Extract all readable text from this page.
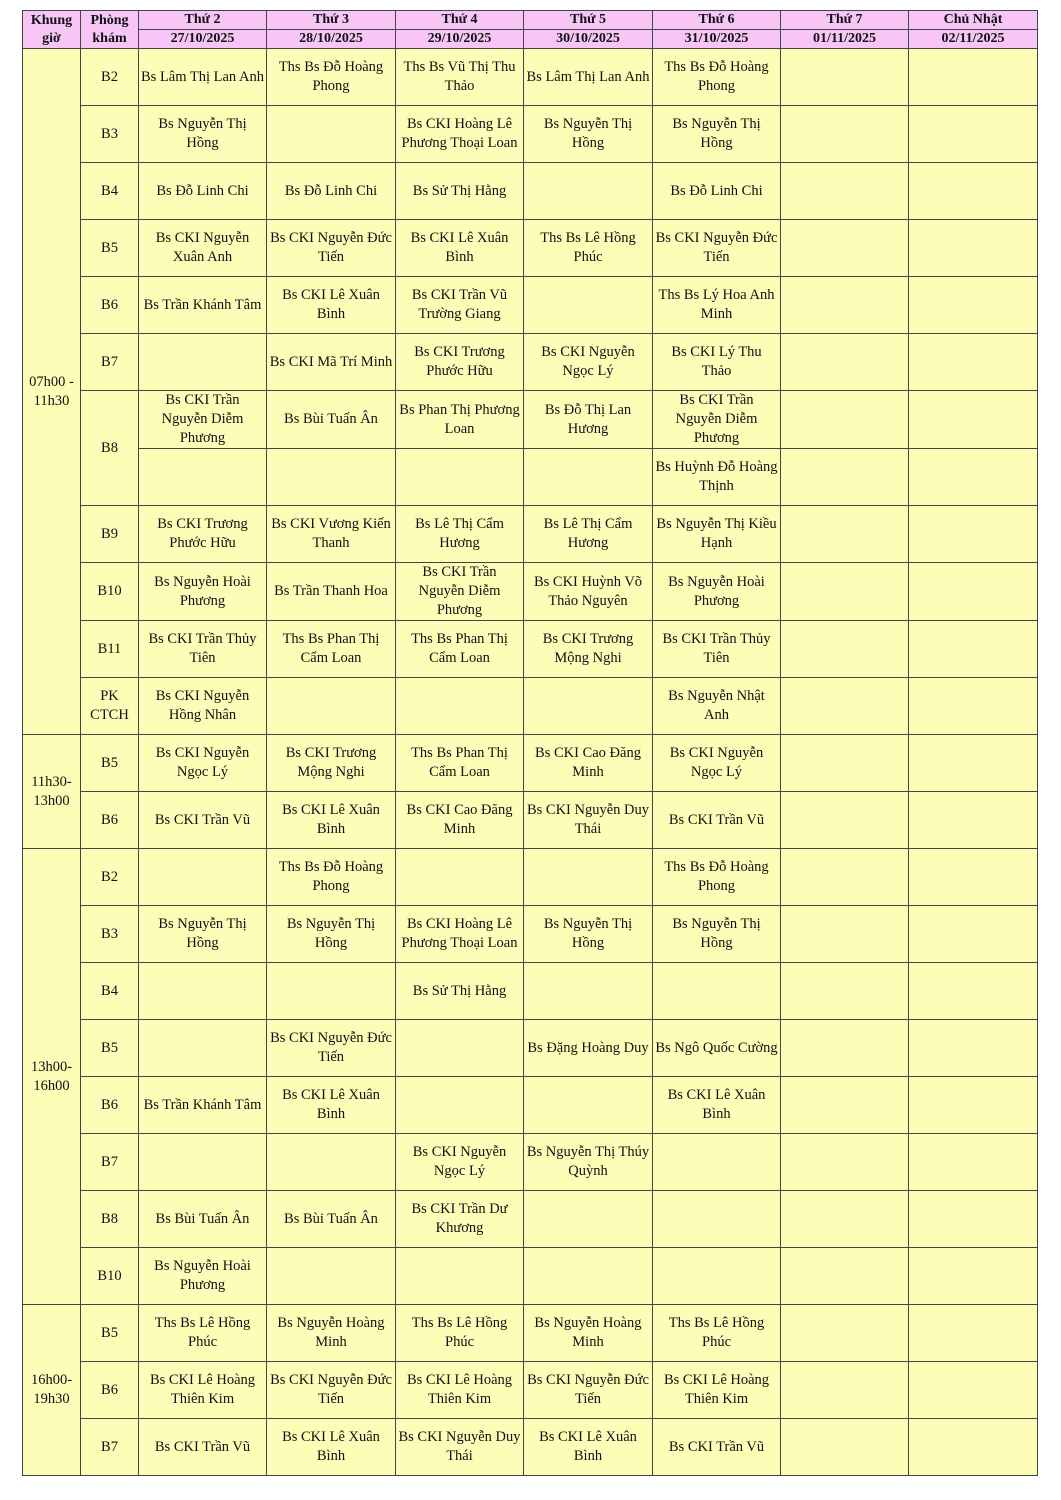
Khung giờ	Phòng khám	Thứ 2	Thứ 3	Thứ 4	Thứ 5	Thứ 6	Thứ 7	Chủ Nhật
		27/10/2025	28/10/2025	29/10/2025	30/10/2025	31/10/2025	01/11/2025	02/11/2025
07h00 - 11h30	B2	Bs Lâm Thị Lan Anh	Ths Bs Đỗ Hoàng Phong	Ths Bs Vũ Thị Thu Thảo	Bs Lâm Thị Lan Anh	Ths Bs Đỗ Hoàng Phong		
	B3	Bs Nguyễn Thị Hồng		Bs CKI Hoàng Lê Phương Thoại Loan	Bs Nguyễn Thị Hồng	Bs Nguyễn Thị Hồng		
	B4	Bs Đỗ Linh Chi	Bs Đỗ Linh Chi	Bs Sử Thị Hằng		Bs Đỗ Linh Chi		
	B5	Bs CKI Nguyễn Xuân Anh	Bs CKI Nguyễn Đức Tiến	Bs CKI Lê Xuân Bình	Ths Bs Lê Hồng Phúc	Bs CKI Nguyễn Đức Tiến		
	B6	Bs Trần Khánh Tâm	Bs CKI Lê Xuân Bình	Bs CKI Trần Vũ Trường Giang		Ths Bs Lý Hoa Anh Minh		
	B7		Bs CKI Mã Trí Minh	Bs CKI Trương Phước Hữu	Bs CKI Nguyễn Ngọc Lý	Bs CKI Lý Thu Thảo		
	B8	Bs CKI Trần Nguyễn Diễm Phương	Bs Bùi Tuấn Ân	Bs Phan Thị Phương Loan	Bs Đỗ Thị Lan Hương	Bs CKI Trần Nguyễn Diễm Phương		
						Bs Huỳnh Đỗ Hoàng Thịnh		
	B9	Bs CKI Trương Phước Hữu	Bs CKI Vương Kiến Thanh	Bs Lê Thị Cẩm Hương	Bs Lê Thị Cẩm Hương	Bs Nguyễn Thị Kiều Hạnh		
	B10	Bs Nguyễn Hoài Phương	Bs Trần Thanh Hoa	Bs CKI Trần Nguyễn Diễm Phương	Bs CKI Huỳnh Võ Thảo Nguyên	Bs Nguyễn Hoài Phương		
	B11	Bs CKI Trần Thủy Tiên	Ths Bs Phan Thị Cẩm Loan	Ths Bs Phan Thị Cẩm Loan	Bs CKI Trương Mộng Nghi	Bs CKI Trần Thủy Tiên		
	PK CTCH	Bs CKI Nguyễn Hồng Nhân				Bs Nguyễn Nhật Anh		
11h30- 13h00	B5	Bs CKI Nguyễn Ngọc Lý	Bs CKI Trương Mộng Nghi	Ths Bs Phan Thị Cẩm Loan	Bs CKI Cao Đăng Minh	Bs CKI Nguyễn Ngọc Lý		
	B6	Bs CKI Trần Vũ	Bs CKI Lê Xuân Bình	Bs CKI Cao Đăng Minh	Bs CKI Nguyễn Duy Thái	Bs CKI Trần Vũ		
13h00- 16h00	B2		Ths Bs Đỗ Hoàng Phong			Ths Bs Đỗ Hoàng Phong		
	B3	Bs Nguyễn Thị Hồng	Bs Nguyễn Thị Hồng	Bs CKI Hoàng Lê Phương Thoại Loan	Bs Nguyễn Thị Hồng	Bs Nguyễn Thị Hồng		
	B4			Bs Sử Thị Hằng				
	B5		Bs CKI Nguyễn Đức Tiến		Bs Đặng Hoàng Duy	Bs Ngô Quốc Cường		
	B6	Bs Trần Khánh Tâm	Bs CKI Lê Xuân Bình			Bs CKI Lê Xuân Bình		
	B7			Bs CKI Nguyễn Ngọc Lý	Bs Nguyễn Thị Thúy Quỳnh			
	B8	Bs Bùi Tuấn Ân	Bs Bùi Tuấn Ân	Bs CKI Trần Dư Khương				
	B10	Bs Nguyễn Hoài Phương						
16h00- 19h30	B5	Ths Bs Lê Hồng Phúc	Bs Nguyễn Hoàng Minh	Ths Bs Lê Hồng Phúc	Bs Nguyễn Hoàng Minh	Ths Bs Lê Hồng Phúc		
	B6	Bs CKI Lê Hoàng Thiên Kim	Bs CKI Nguyễn Đức Tiến	Bs CKI Lê Hoàng Thiên Kim	Bs CKI Nguyễn Đức Tiến	Bs CKI Lê Hoàng Thiên Kim		
	B7	Bs CKI Trần Vũ	Bs CKI Lê Xuân Bình	Bs CKI Nguyễn Duy Thái	Bs CKI Lê Xuân Bình	Bs CKI Trần Vũ		
